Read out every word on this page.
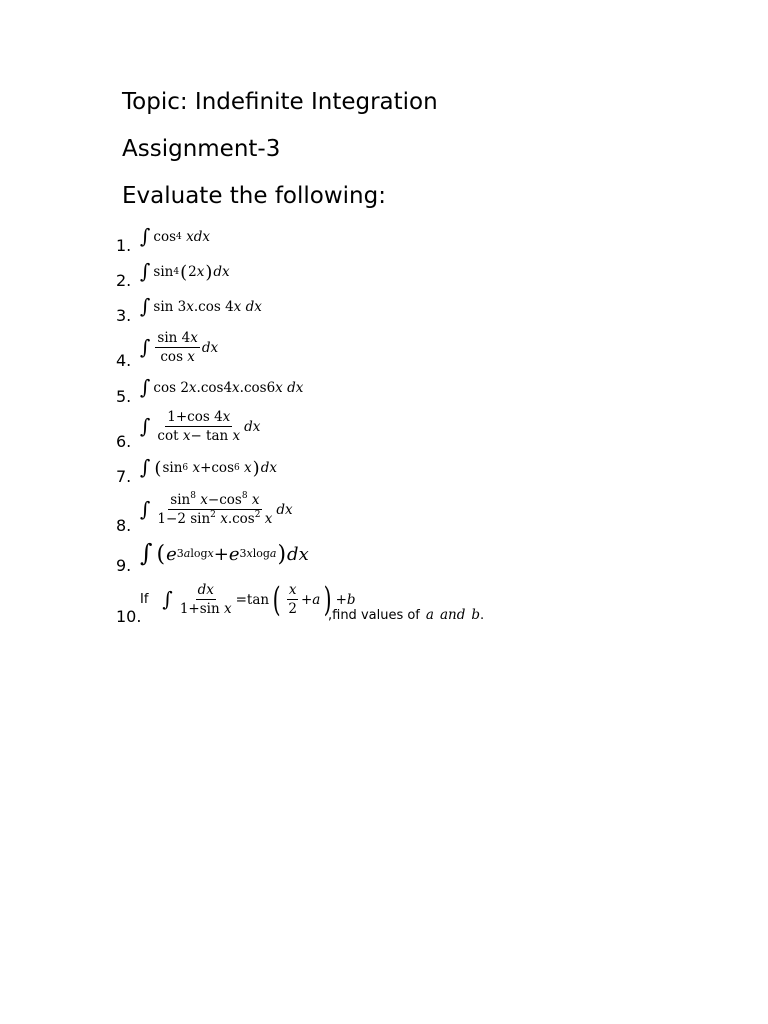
Topic: Indefinite Integration
Assignment-3
Evaluate the following:
1. ∫ cos 4
xdx
2. ∫ sin 4 ( 2 x ) dx
3. ∫ sin 3 x .cos 4 x
dx
4.
∫ $\frac{\sin 4x}{\text{cos x}}$ dx
5. ∫ cos 2 x .cos4 x .cos6 x
dx
6.
∫ $\frac{1+\cos 4x}{\text{cot x− tan x}}$ dx
7. ∫ ( sin 6
x +cos 6
x ) dx
8.
∫ $\frac{\sin^8 x-\cos^8 x}{1-2 \sin^2 x.\cos^2 x}$ dx
9. ∫ ( e 3alogx + e 3xloga ) dx
10.
If ∫ $\frac{dx}{\text{1+sin x}} =\tan$ ( $\frac{x}{2} + a$ ) + b
,find values of a and b .
